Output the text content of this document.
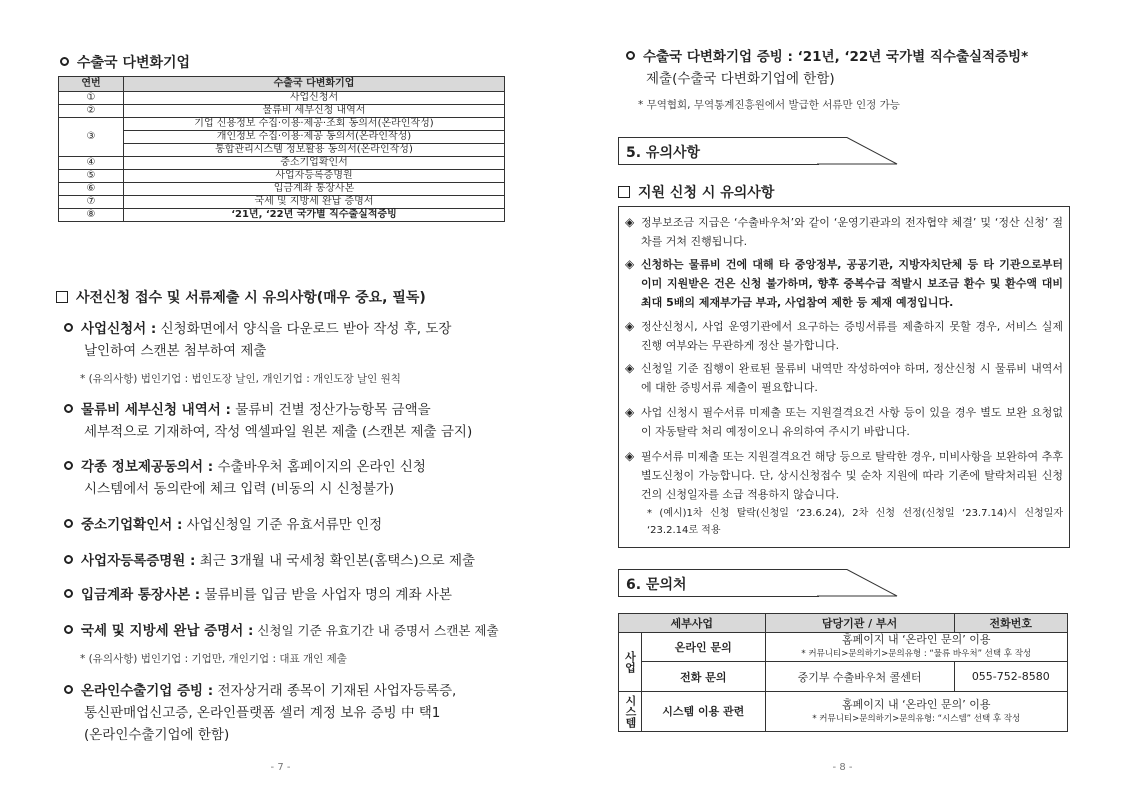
수출국 다변화기업
연번	수출국 다변화기업
①	사업신청서
②	물류비 세부신청 내역서
③	기업 신용정보 수집·이용·제공·조회 동의서(온라인작성)
	개인정보 수집·이용·제공 동의서(온라인작성)
	통합관리시스템 정보활용 동의서(온라인작성)
④	중소기업확인서
⑤	사업자등록증명원
⑥	입금계좌 통장사본
⑦	국세 및 지방세 완납 증명서
⑧	‘21년, ‘22년 국가별 직수출실적증빙
사전신청 접수 및 서류제출 시 유의사항(매우 중요, 필독)
사업신청서 : 신청화면에서 양식을 다운로드 받아 작성 후, 도장
날인하여 스캔본 첨부하여 제출
* (유의사항) 법인기업 : 법인도장 날인, 개인기업 : 개인도장 날인 원칙
물류비 세부신청 내역서 : 물류비 건별 정산가능항목 금액을
세부적으로 기재하여, 작성 엑셀파일 원본 제출 (스캔본 제출 금지)
각종 정보제공동의서 : 수출바우처 홈페이지의 온라인 신청
시스템에서 동의란에 체크 입력 (비동의 시 신청불가)
중소기업확인서 : 사업신청일 기준 유효서류만 인정
사업자등록증명원 : 최근 3개월 내 국세청 확인본(홈택스)으로 제출
입금계좌 통장사본 : 물류비를 입금 받을 사업자 명의 계좌 사본
국세 및 지방세 완납 증명서 : 신청일 기준 유효기간 내 증명서 스캔본 제출
* (유의사항) 법인기업 : 기업만, 개인기업 : 대표 개인 제출
온라인수출기업 증빙 : 전자상거래 종목이 기재된 사업자등록증,
통신판매업신고증, 온라인플랫폼 셀러 계정 보유 증빙 中 택1
(온라인수출기업에 한함)
- 7 -
수출국 다변화기업 증빙 : ‘21년, ‘22년 국가별 직수출실적증빙*
제출(수출국 다변화기업에 한함)
* 무역협회, 무역통계진흥원에서 발급한 서류만 인정 가능
5. 유의사항
지원 신청 시 유의사항
◈ 정부보조금 지급은 ‘수출바우처’와 같이 ‘운영기관과의 전자협약 체결’ 및 ‘정산 신청’ 절차를 거쳐 진행됩니다.
◈ 신청하는 물류비 건에 대해 타 중앙정부, 공공기관, 지방자치단체 등 타 기관으로부터 이미 지원받은 건은 신청 불가하며, 향후 중복수급 적발시 보조금 환수 및 환수액 대비 최대 5배의 제재부가금 부과, 사업참여 제한 등 제재 예정입니다.
◈ 정산신청시, 사업 운영기관에서 요구하는 증빙서류를 제출하지 못할 경우, 서비스 실제 진행 여부와는 무관하게 정산 불가합니다.
◈ 신청일 기준 집행이 완료된 물류비 내역만 작성하여야 하며, 정산신청 시 물류비 내역서에 대한 증빙서류 제출이 필요합니다.
◈ 사업 신청시 필수서류 미제출 또는 지원결격요건 사항 등이 있을 경우 별도 보완 요청없이 자동탈락 처리 예정이오니 유의하여 주시기 바랍니다.
◈ 필수서류 미제출 또는 지원결격요건 해당 등으로 탈락한 경우, 미비사항을 보완하여 추후 별도신청이 가능합니다. 단, 상시신청접수 및 순차 지원에 따라 기존에 탈락처리된 신청건의 신청일자를 소급 적용하지 않습니다.
* (예시)1차 신청 탈락(신청일 ‘23.6.24), 2차 신청 선정(신청일 ‘23.7.14)시 신청일자 ‘23.2.14로 적용
6. 문의처
세부사업		담당기관 / 부서	전화번호
사업	온라인 문의	홈페이지 내 ‘온라인 문의’ 이용
* 커뮤니티>문의하기>문의유형 : “물류 바우처” 선택 후 작성	
	전화 문의	중기부 수출바우처 콜센터	055-752-8580
시스템	시스템 이용 관련	홈페이지 내 ‘온라인 문의’ 이용
* 커뮤니티>문의하기>문의유형: “시스템” 선택 후 작성	
- 8 -
